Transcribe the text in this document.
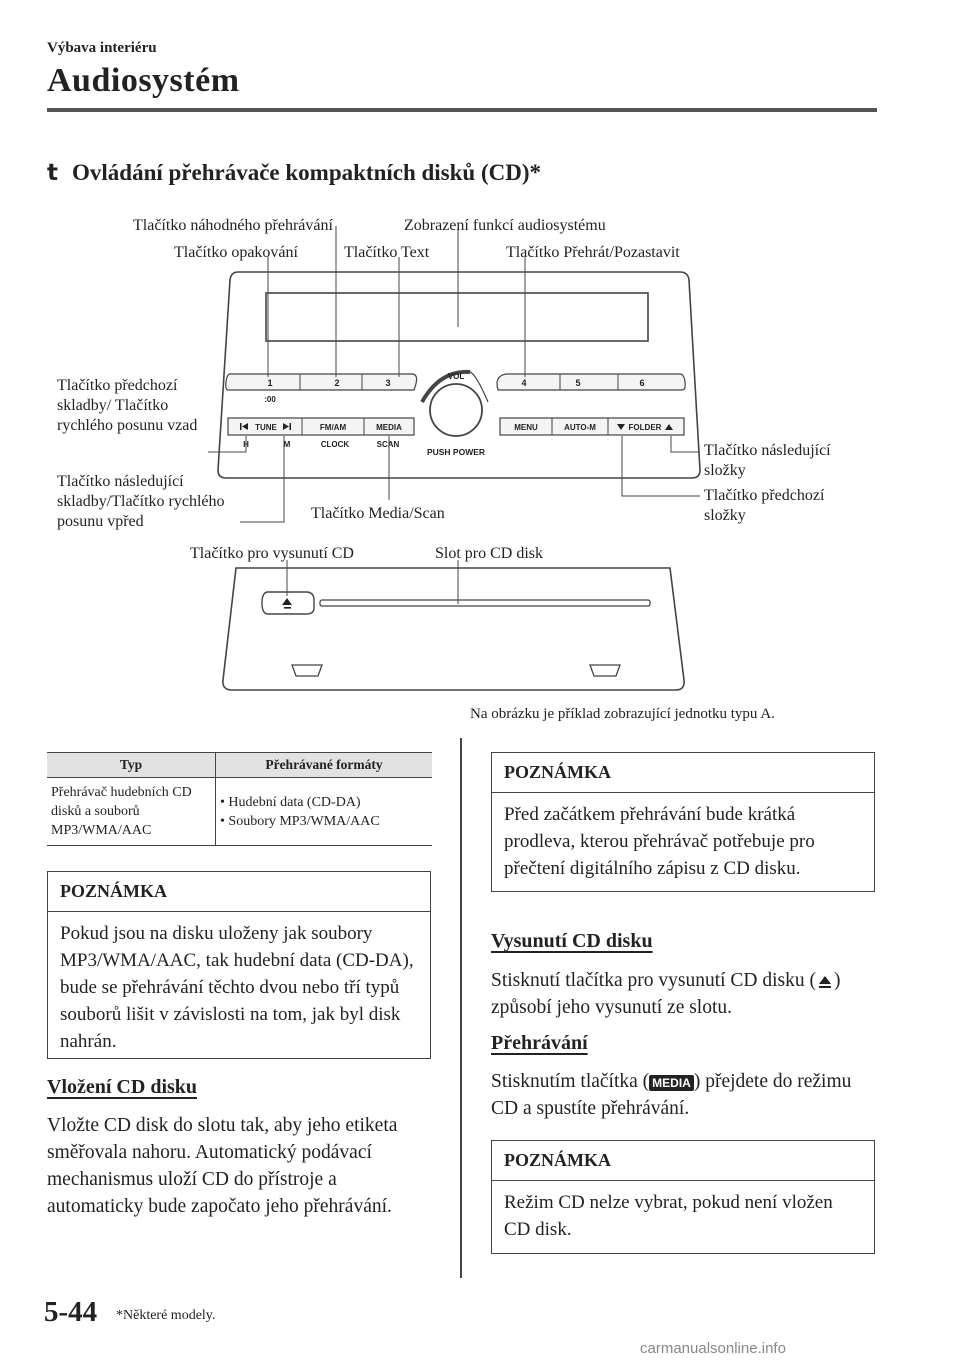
Výbava interiéru
Audiosystém
t Ovládání přehrávače kompaktních disků (CD)*
Tlačítko náhodného přehrávání	Zobrazení funkcí audiosystému
Tlačítko opakování	Tlačítko Text	Tlačítko Přehrát/Pozastavit
Tlačítko předchozí skladby/ Tlačítko rychlého posunu vzad
Tlačítko následující skladby/Tlačítko rychlého posunu vpřed	Tlačítko Media/Scan
Tlačítko následující složky
Tlačítko předchozí složky
Tlačítko pro vysunutí CD	Slot pro CD disk
1	2	3	4	5	6
:00
VOL
PUSH POWER
TUNE	FM/AM	MEDIA
H	M	CLOCK	SCAN
MENU	AUTO-M	FOLDER
Na obrázku je příklad zobrazující jednotku typu A.
Typ	Přehrávané formáty
Přehrávač hudebních CD disků a souborů MP3/WMA/AAC	• Hudební data (CD-DA)
• Soubory MP3/WMA/AAC
POZNÁMKA
Pokud jsou na disku uloženy jak soubory MP3/WMA/AAC, tak hudební data (CD-DA), bude se přehrávání těchto dvou nebo tří typů souborů lišit v závislosti na tom, jak byl disk nahrán.
Vložení CD disku
Vložte CD disk do slotu tak, aby jeho etiketa směřovala nahoru. Automatický podávací mechanismus uloží CD do přístroje a automaticky bude započato jeho přehrávání.
POZNÁMKA
Před začátkem přehrávání bude krátká prodleva, kterou přehrávač potřebuje pro přečtení digitálního zápisu z CD disku.
Vysunutí CD disku
Stisknutí tlačítka pro vysunutí CD disku ( ) způsobí jeho vysunutí ze slotu.
Přehrávání
Stisknutím tlačítka ( MEDIA ) přejdete do režimu CD a spustíte přehrávání.
POZNÁMKA
Režim CD nelze vybrat, pokud není vložen CD disk.
5-44 *Některé modely.
carmanualsonline.info
